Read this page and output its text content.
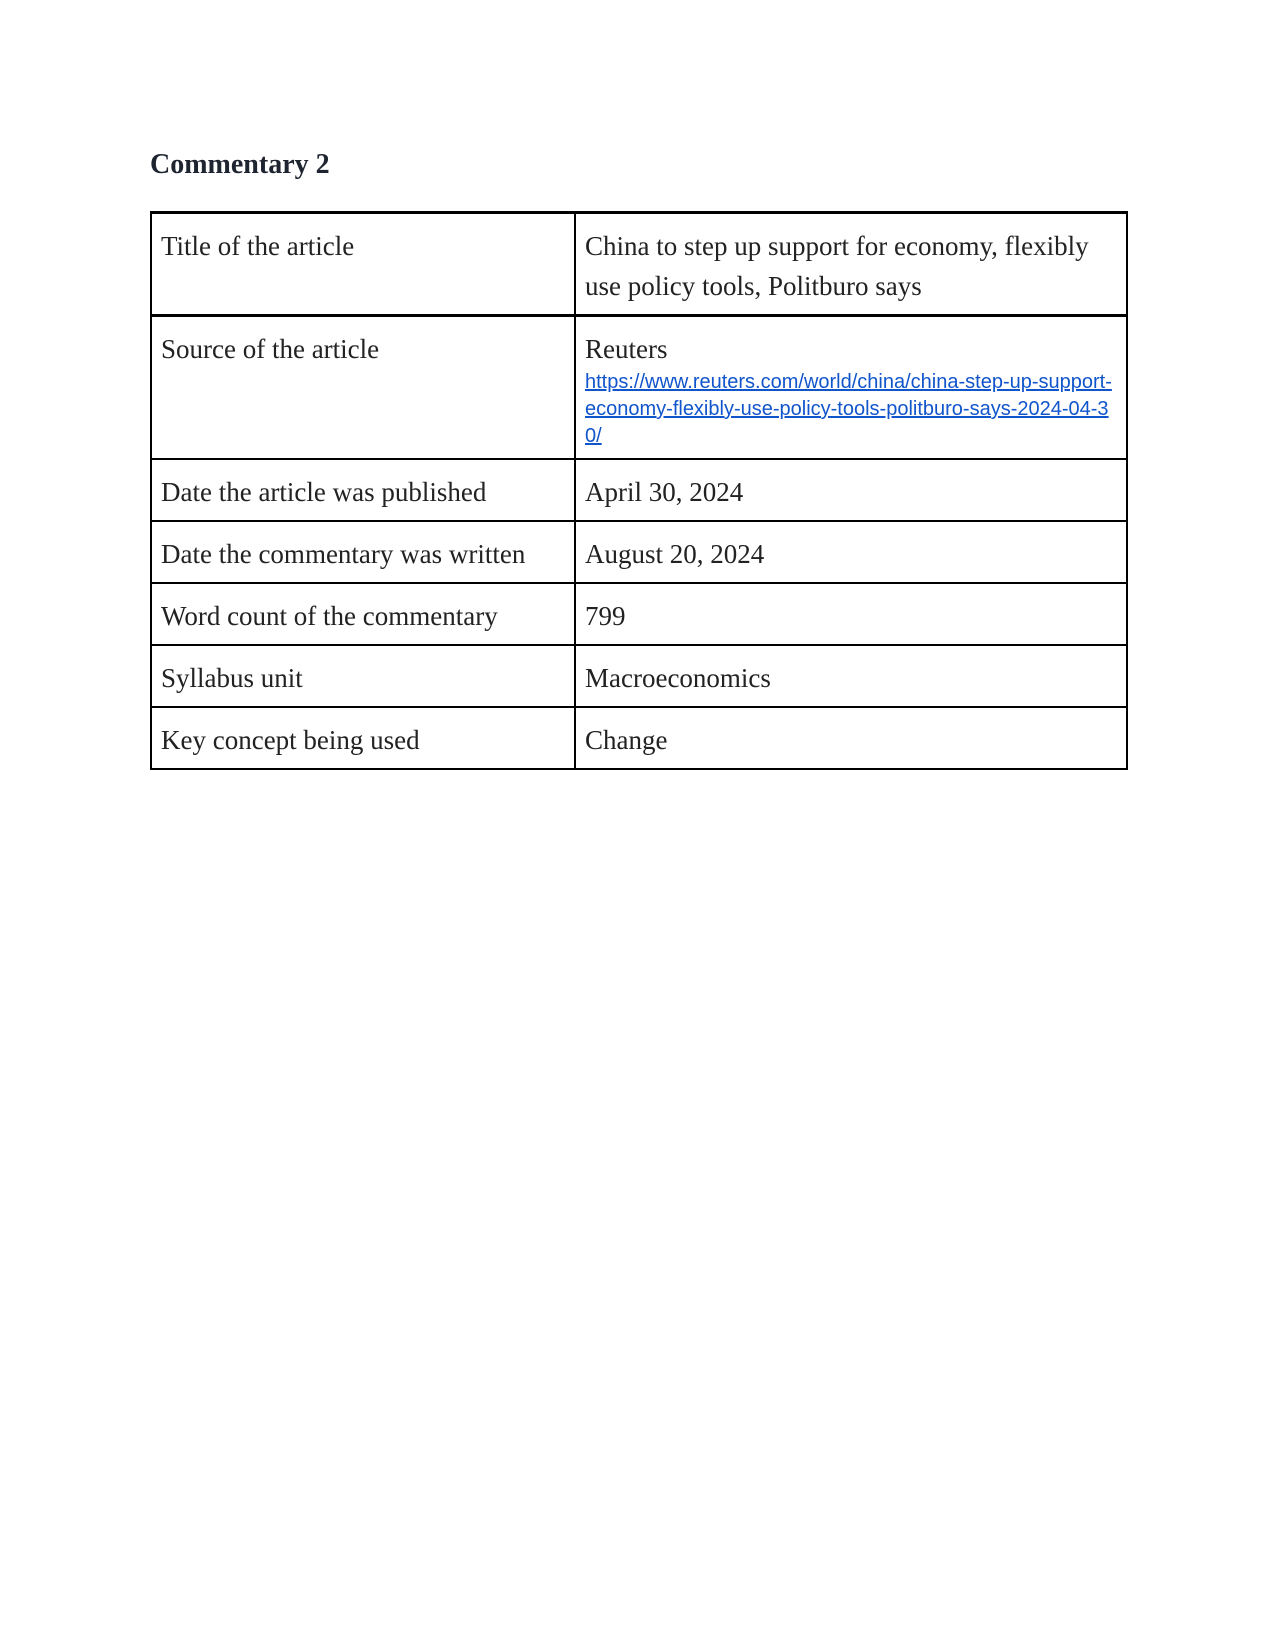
Commentary 2
Title of the article	China to step up support for economy, flexibly use policy tools, Politburo says
Source of the article	Reuters
https://www.reuters.com/world/china/china-step-up-support-economy-flexibly-use-policy-tools-politburo-says-2024-04-30/

Date the article was published	April 30, 2024
Date the commentary was written	August 20, 2024
Word count of the commentary	799
Syllabus unit	Macroeconomics
Key concept being used	Change
